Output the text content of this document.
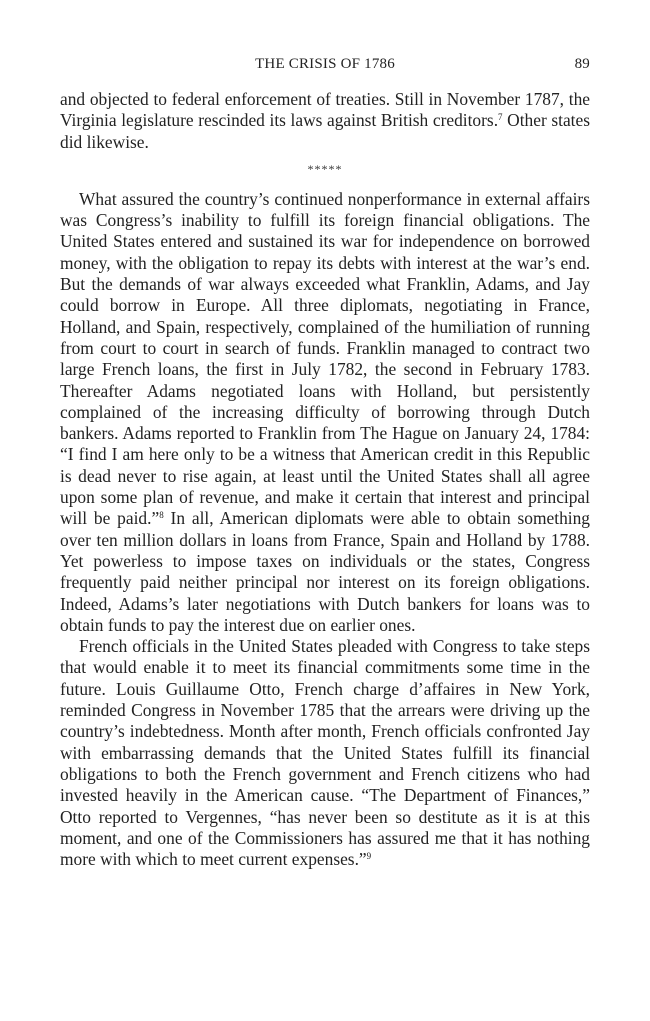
THE CRISIS OF 1786	89

and objected to federal enforcement of treaties. Still in November 1787, the Virginia legislature rescinded its laws against British creditors.$^7$ Other states did likewise.

*****

What assured the country’s continued nonperformance in external affairs was Congress’s inability to fulfill its foreign financial obligations. The United States entered and sustained its war for independence on borrowed money, with the obligation to repay its debts with interest at the war’s end. But the demands of war always exceeded what Franklin, Adams, and Jay could borrow in Europe. All three diplomats, negotiating in France, Holland, and Spain, respectively, complained of the humiliation of running from court to court in search of funds. Franklin managed to contract two large French loans, the first in July 1782, the second in February 1783. Thereafter Adams negotiated loans with Holland, but persistently complained of the increasing difficulty of borrowing through Dutch bankers. Adams reported to Franklin from The Hague on January 24, 1784: “I find I am here only to be a witness that American credit in this Republic is dead never to rise again, at least until the United States shall all agree upon some plan of revenue, and make it certain that interest and principal will be paid.”$^8$ In all, American diplomats were able to obtain something over ten million dollars in loans from France, Spain and Holland by 1788. Yet powerless to impose taxes on individuals or the states, Congress frequently paid neither principal nor interest on its foreign obligations. Indeed, Adams’s later negotiations with Dutch bankers for loans was to obtain funds to pay the interest due on earlier ones.

French officials in the United States pleaded with Congress to take steps that would enable it to meet its financial commitments some time in the future. Louis Guillaume Otto, French charge d’affaires in New York, reminded Congress in November 1785 that the arrears were driving up the country’s indebtedness. Month after month, French officials confronted Jay with embarrassing demands that the United States fulfill its financial obligations to both the French government and French citizens who had invested heavily in the American cause. “The Department of Finances,” Otto reported to Vergennes, “has never been so destitute as it is at this moment, and one of the Commissioners has assured me that it has nothing more with which to meet current expenses.”$^9$
